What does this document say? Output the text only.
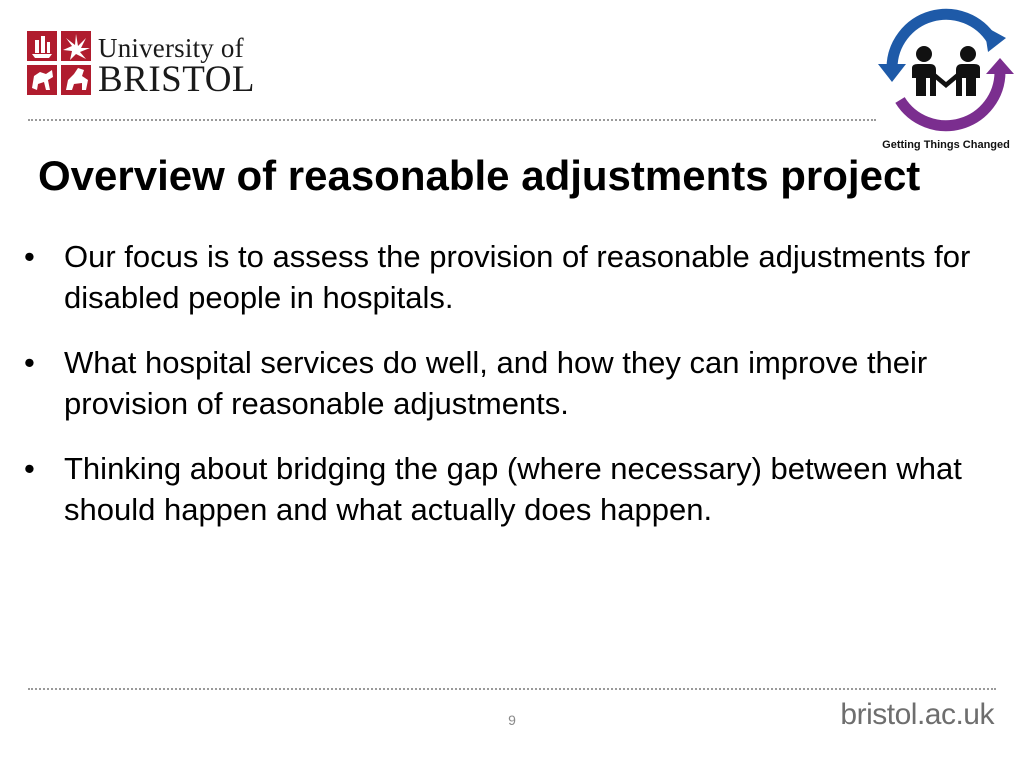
University of
BRISTOL
Getting Things Changed
Overview of reasonable adjustments project
• Our focus is to assess the provision of reasonable adjustments for disabled people in hospitals.
• What hospital services do well, and how they can improve their provision of reasonable adjustments.
• Thinking about bridging the gap (where necessary) between what should happen and what actually does happen.
9	bristol.ac.uk
